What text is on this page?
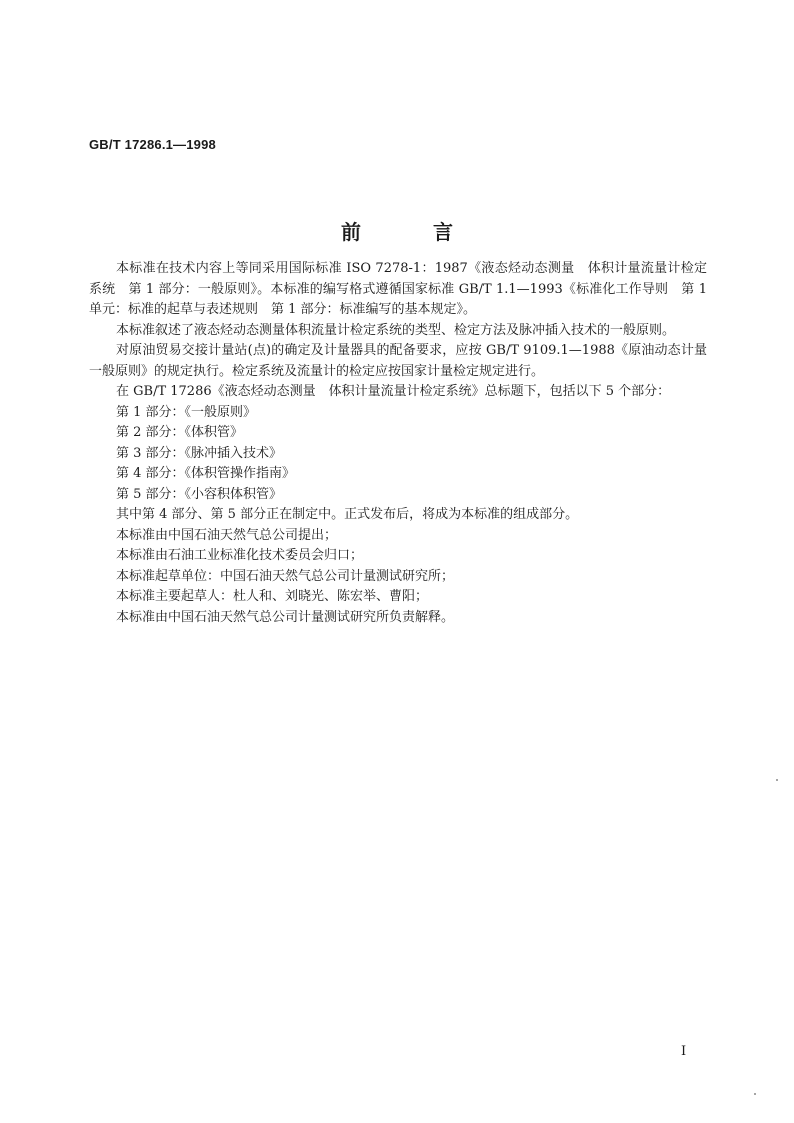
GB/T 17286.1—1998
前　言

本标准在技术内容上等同采用国际标准 ISO 7278-1：1987《液态烃动态测量　体积计量流量计检定系统　第 1 部分：一般原则》。本标准的编写格式遵循国家标准 GB/T 1.1—1993《标准化工作导则　第 1 单元：标准的起草与表述规则　第 1 部分：标准编写的基本规定》。

本标准叙述了液态烃动态测量体积流量计检定系统的类型、检定方法及脉冲插入技术的一般原则。

对原油贸易交接计量站(点)的确定及计量器具的配备要求，应按 GB/T 9109.1—1988《原油动态计量　一般原则》的规定执行。检定系统及流量计的检定应按国家计量检定规定进行。

在 GB/T 17286《液态烃动态测量　体积计量流量计检定系统》总标题下，包括以下 5 个部分：

第 1 部分：《一般原则》

第 2 部分：《体积管》

第 3 部分：《脉冲插入技术》

第 4 部分：《体积管操作指南》

第 5 部分：《小容积体积管》

其中第 4 部分、第 5 部分正在制定中。正式发布后，将成为本标准的组成部分。

本标准由中国石油天然气总公司提出；

本标准由石油工业标准化技术委员会归口；

本标准起草单位：中国石油天然气总公司计量测试研究所；

本标准主要起草人：杜人和、刘晓光、陈宏举、曹阳；

本标准由中国石油天然气总公司计量测试研究所负责解释。

I
